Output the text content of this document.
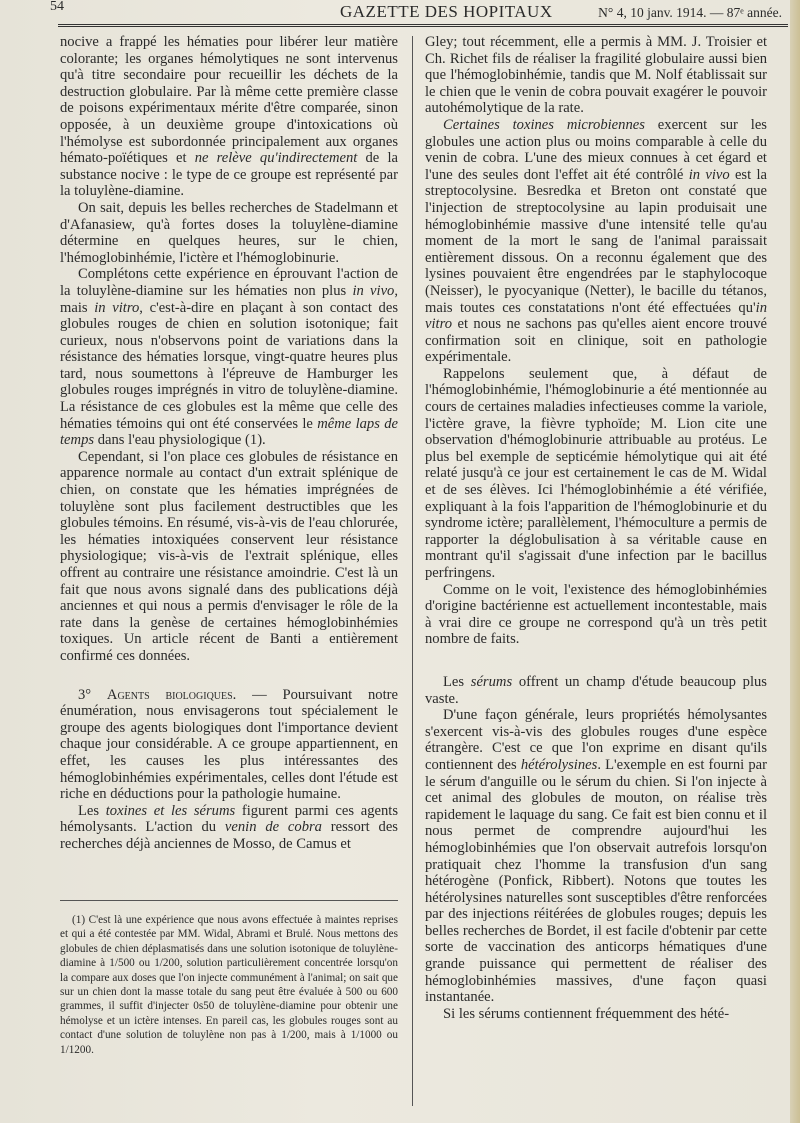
54	GAZETTE DES HOPITAUX	N° 4, 10 janv. 1914. — 87ᵉ année.

nocive a frappé les hématies pour libérer leur matière colorante; les organes hémolytiques ne sont intervenus qu'à titre secondaire pour recueillir les déchets de la destruction globulaire. Par là même cette première classe de poisons expérimentaux mérite d'être comparée, sinon opposée, à un deuxième groupe d'intoxications où l'hémolyse est subordonnée principalement aux organes hémato-poïétiques et ne relève qu'indirectement de la substance nocive : le type de ce groupe est représenté par la toluylène-diamine.

On sait, depuis les belles recherches de Stadelmann et d'Afanasiew, qu'à fortes doses la toluylène-diamine détermine en quelques heures, sur le chien, l'hémoglobinhémie, l'ictère et l'hémoglobinurie.

Complétons cette expérience en éprouvant l'action de la toluylène-diamine sur les hématies non plus in vivo, mais in vitro, c'est-à-dire en plaçant à son contact des globules rouges de chien en solution isotonique; fait curieux, nous n'observons point de variations dans la résistance des hématies lorsque, vingt-quatre heures plus tard, nous soumettons à l'épreuve de Hamburger les globules rouges imprégnés in vitro de toluylène-diamine. La résistance de ces globules est la même que celle des hématies témoins qui ont été conservées le même laps de temps dans l'eau physiologique (1).

Cependant, si l'on place ces globules de résistance en apparence normale au contact d'un extrait splénique de chien, on constate que les hématies imprégnées de toluylène sont plus facilement destructibles que les globules témoins. En résumé, vis-à-vis de l'eau chlorurée, les hématies intoxiquées conservent leur résistance physiologique; vis-à-vis de l'extrait splénique, elles offrent au contraire une résistance amoindrie. C'est là un fait que nous avons signalé dans des publications déjà anciennes et qui nous a permis d'envisager le rôle de la rate dans la genèse de certaines hémoglobinhémies toxiques. Un article récent de Banti a entièrement confirmé ces données.

3° Agents biologiques. — Poursuivant notre énumération, nous envisagerons tout spécialement le groupe des agents biologiques dont l'importance devient chaque jour considérable. A ce groupe appartiennent, en effet, les causes les plus intéressantes des hémoglobinhémies expérimentales, celles dont l'étude est riche en déductions pour la pathologie humaine.

Les toxines et les sérums figurent parmi ces agents hémolysants. L'action du venin de cobra ressort des recherches déjà anciennes de Mosso, de Camus et

(1) C'est là une expérience que nous avons effectuée à maintes reprises et qui a été contestée par MM. Widal, Abrami et Brulé. Nous mettons des globules de chien déplasmatisés dans une solution isotonique de toluylène-diamine à 1/500 ou 1/200, solution particulièrement concentrée lorsqu'on la compare aux doses que l'on injecte communément à l'animal; on sait que sur un chien dont la masse totale du sang peut être évaluée à 500 ou 600 grammes, il suffit d'injecter 0s50 de toluylène-diamine pour obtenir une hémolyse et un ictère intenses. En pareil cas, les globules rouges sont au contact d'une solution de toluylène non pas à 1/200, mais à 1/1000 ou 1/1200.

Gley; tout récemment, elle a permis à MM. J. Troisier et Ch. Richet fils de réaliser la fragilité globulaire aussi bien que l'hémoglobinhémie, tandis que M. Nolf établissait sur le chien que le venin de cobra pouvait exagérer le pouvoir autohémolytique de la rate.

Certaines toxines microbiennes exercent sur les globules une action plus ou moins comparable à celle du venin de cobra. L'une des mieux connues à cet égard et l'une des seules dont l'effet ait été contrôlé in vivo est la streptocolysine. Besredka et Breton ont constaté que l'injection de streptocolysine au lapin produisait une hémoglobinhémie massive d'une intensité telle qu'au moment de la mort le sang de l'animal paraissait entièrement dissous. On a reconnu également que des lysines pouvaient être engendrées par le staphylocoque (Neisser), le pyocyanique (Netter), le bacille du tétanos, mais toutes ces constatations n'ont été effectuées qu'in vitro et nous ne sachons pas qu'elles aient encore trouvé confirmation soit en clinique, soit en pathologie expérimentale.

Rappelons seulement que, à défaut de l'hémoglobinhémie, l'hémoglobinurie a été mentionnée au cours de certaines maladies infectieuses comme la variole, l'ictère grave, la fièvre typhoïde; M. Lion cite une observation d'hémoglobinurie attribuable au protéus. Le plus bel exemple de septicémie hémolytique qui ait été relaté jusqu'à ce jour est certainement le cas de M. Widal et de ses élèves. Ici l'hémoglobinhémie a été vérifiée, expliquant à la fois l'apparition de l'hémoglobinurie et du syndrome ictère; parallèlement, l'hémoculture a permis de rapporter la déglobulisation à sa véritable cause en montrant qu'il s'agissait d'une infection par le bacillus perfringens.

Comme on le voit, l'existence des hémoglobinhémies d'origine bactérienne est actuellement incontestable, mais à vrai dire ce groupe ne correspond qu'à un très petit nombre de faits.

Les sérums offrent un champ d'étude beaucoup plus vaste.

D'une façon générale, leurs propriétés hémolysantes s'exercent vis-à-vis des globules rouges d'une espèce étrangère. C'est ce que l'on exprime en disant qu'ils contiennent des hétérolysines. L'exemple en est fourni par le sérum d'anguille ou le sérum du chien. Si l'on injecte à cet animal des globules de mouton, on réalise très rapidement le laquage du sang. Ce fait est bien connu et il nous permet de comprendre aujourd'hui les hémoglobinhémies que l'on observait autrefois lorsqu'on pratiquait chez l'homme la transfusion d'un sang hétérogène (Ponfick, Ribbert). Notons que toutes les hétérolysines naturelles sont susceptibles d'être renforcées par des injections réitérées de globules rouges; depuis les belles recherches de Bordet, il est facile d'obtenir par cette sorte de vaccination des anticorps hématiques d'une grande puissance qui permettent de réaliser des hémoglobinhémies massives, d'une façon quasi instantanée.

Si les sérums contiennent fréquemment des hété-
